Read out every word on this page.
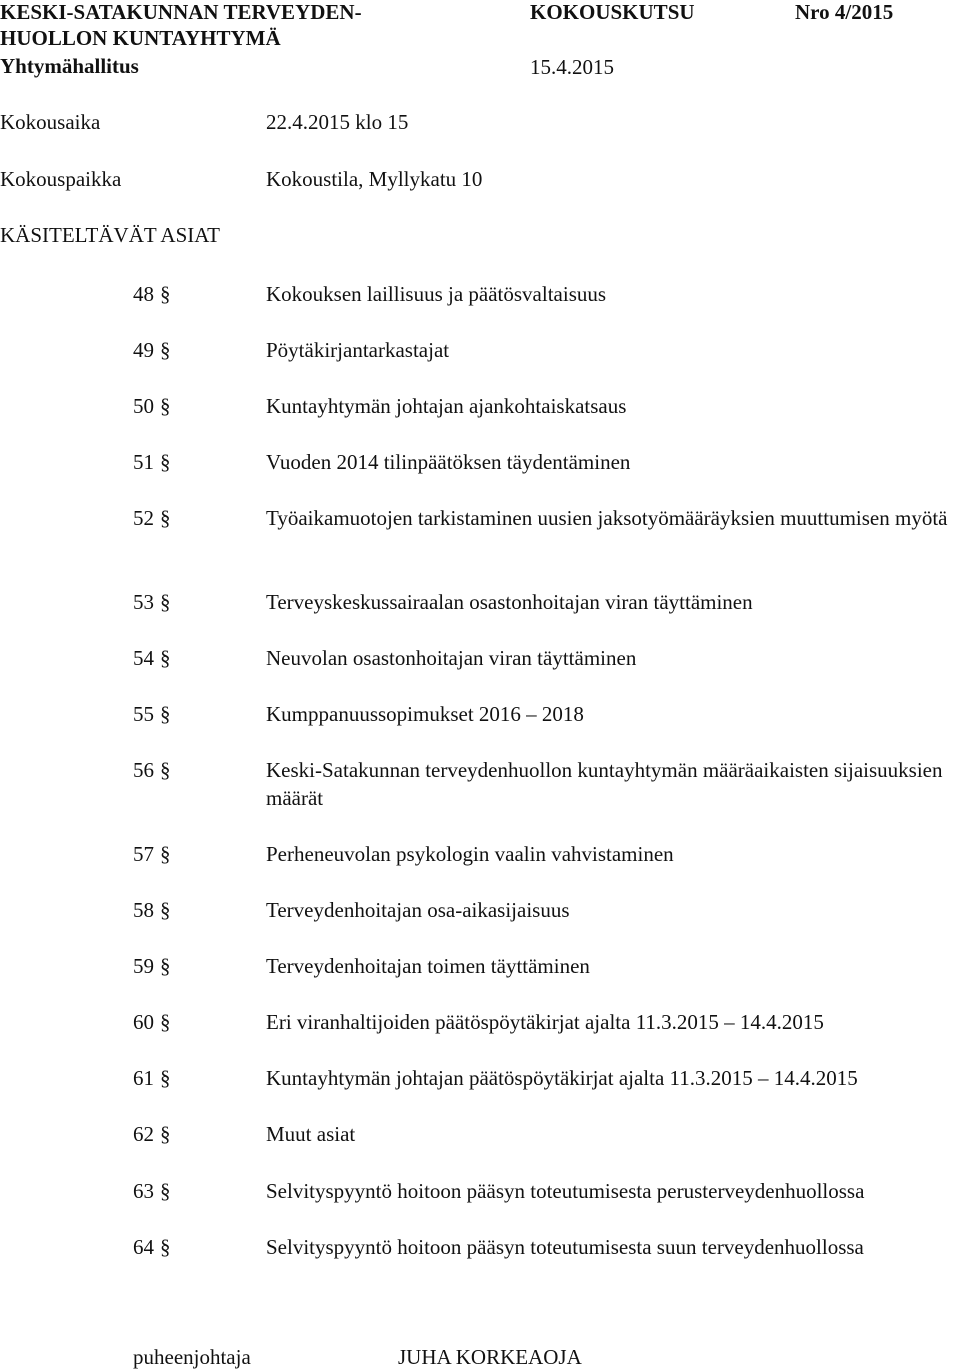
KESKI-SATAKUNNAN TERVEYDEN-
HUOLLON KUNTAYHTYMÄ
Yhtymähallitus
KOKOUSKUTSU	Nro 4/2015
15.4.2015
Kokousaika	22.4.2015 klo 15
Kokouspaikka	Kokoustila, Myllykatu 10
KÄSITELTÄVÄT ASIAT
48 §	Kokouksen laillisuus ja päätösvaltaisuus
49 §	Pöytäkirjantarkastajat
50 §	Kuntayhtymän johtajan ajankohtaiskatsaus
51 §	Vuoden 2014 tilinpäätöksen täydentäminen
52 §	Työaikamuotojen tarkistaminen uusien jaksotyömääräyksien muuttumisen myötä
53 §	Terveyskeskussairaalan osastonhoitajan viran täyttäminen
54 §	Neuvolan osastonhoitajan viran täyttäminen
55 §	Kumppanuussopimukset 2016 – 2018
56 §	Keski-Satakunnan terveydenhuollon kuntayhtymän määräaikaisten sijaisuuksien määrät
57 §	Perheneuvolan psykologin vaalin vahvistaminen
58 §	Terveydenhoitajan osa-aikasijaisuus
59 §	Terveydenhoitajan toimen täyttäminen
60 §	Eri viranhaltijoiden päätöspöytäkirjat ajalta 11.3.2015 – 14.4.2015
61 §	Kuntayhtymän johtajan päätöspöytäkirjat ajalta 11.3.2015 – 14.4.2015
62 §	Muut asiat
63 §	Selvityspyyntö hoitoon pääsyn toteutumisesta perusterveydenhuollossa
64 §	Selvityspyyntö hoitoon pääsyn toteutumisesta suun terveydenhuollossa
puheenjohtaja	JUHA KORKEAOJA
